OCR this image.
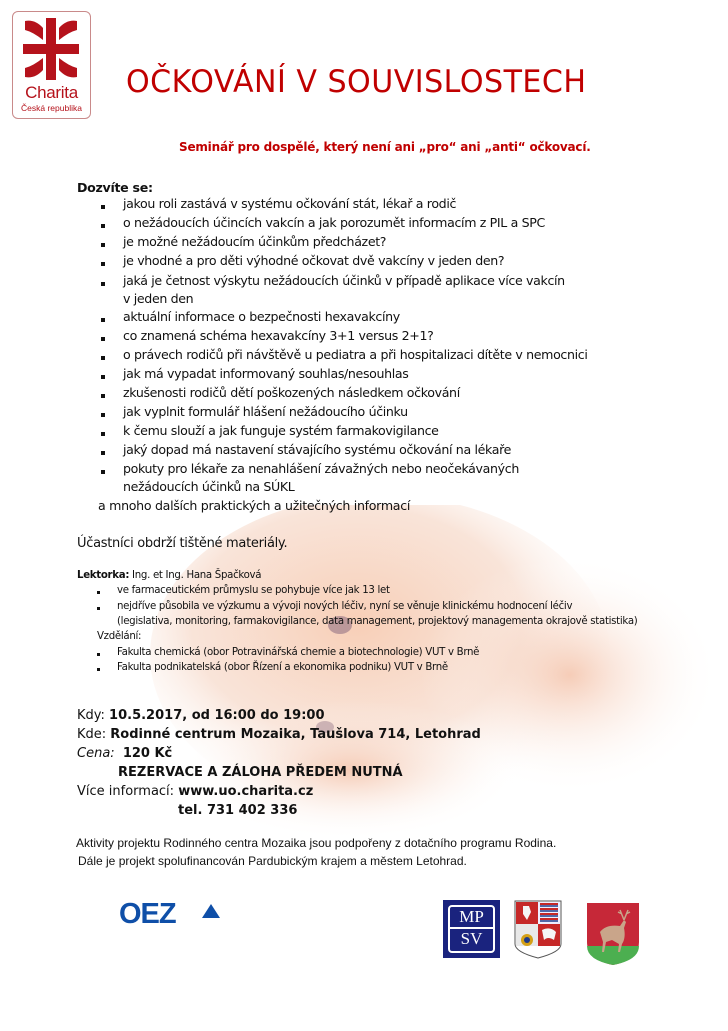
Charita
Česká republika
OČKOVÁNÍ V SOUVISLOSTECH
Seminář pro dospělé, který není ani „pro“ ani „anti“ očkovací.
Dozvíte se:
jakou roli zastává v systému očkování stát, lékař a rodič
o nežádoucích účincích vakcín a jak porozumět informacím z PIL a SPC
je možné nežádoucím účinkům předcházet?
je vhodné a pro děti výhodné očkovat dvě vakcíny v jeden den?
jaká je četnost výskytu nežádoucích účinků v případě aplikace více vakcín
v jeden den
aktuální informace o bezpečnosti hexavakcíny
co znamená schéma hexavakcíny 3+1 versus 2+1?
o právech rodičů při návštěvě u pediatra a při hospitalizaci dítěte v nemocnici
jak má vypadat informovaný souhlas/nesouhlas
zkušenosti rodičů dětí poškozených následkem očkování
jak vyplnit formulář hlášení nežádoucího účinku
k čemu slouží a jak funguje systém farmakovigilance
jaký dopad má nastavení stávajícího systému očkování na lékaře
pokuty pro lékaře za nenahlášení závažných nebo neočekávaných
nežádoucích účinků na SÚKL
a mnoho dalších praktických a užitečných informací
Účastníci obdrží tištěné materiály.
Lektorka: Ing. et Ing. Hana Špačková
ve farmaceutickém průmyslu se pohybuje více jak 13 let
nejdříve působila ve výzkumu a vývoji nových léčiv, nyní se věnuje klinickému hodnocení léčiv
(legislativa, monitoring, farmakovigilance, data management, projektový managementa okrajově statistika)
Vzdělání:
Fakulta chemická (obor Potravinářská chemie a biotechnologie) VUT v Brně
Fakulta podnikatelská (obor Řízení a ekonomika podniku) VUT v Brně
Kdy: 10.5.2017, od 16:00 do 19:00
Kde: Rodinné centrum Mozaika, Taušlova 714, Letohrad
Cena: 120 Kč
REZERVACE A ZÁLOHA PŘEDEM NUTNÁ
Více informací: www.uo.charita.cz
tel. 731 402 336
Aktivity projektu Rodinného centra Mozaika jsou podpořeny z dotačního programu Rodina.
Dále je projekt spolufinancován Pardubickým krajem a městem Letohrad.
OEZ	MP
SV
